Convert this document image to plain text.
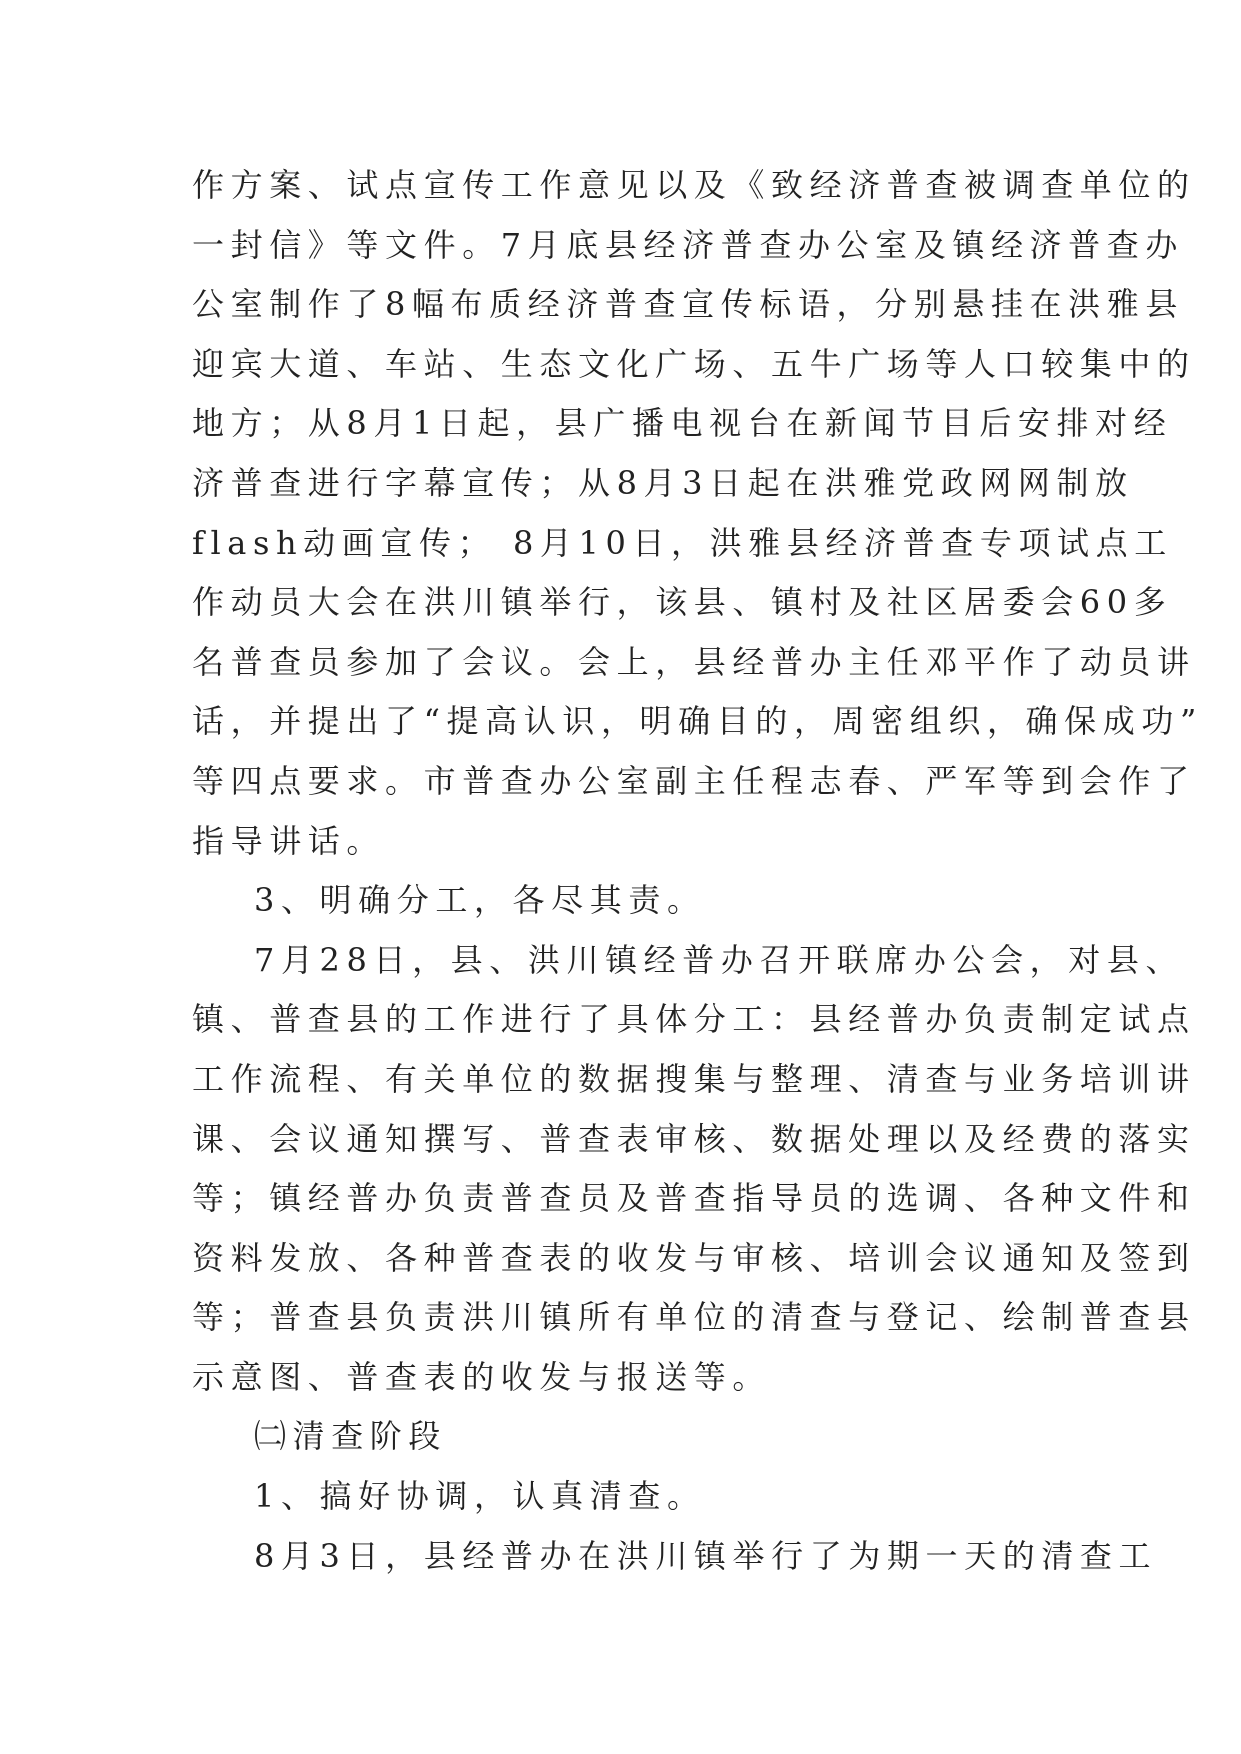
作方案、试点宣传工作意见以及《致经济普查被调查单位的
一封信》等文件。7月底县经济普查办公室及镇经济普查办
公室制作了8幅布质经济普查宣传标语，分别悬挂在洪雅县
迎宾大道、车站、生态文化广场、五牛广场等人口较集中的
地方；从8月1日起，县广播电视台在新闻节目后安排对经
济普查进行字幕宣传；从8月3日起在洪雅党政网网制放
flash动画宣传； 8月10日，洪雅县经济普查专项试点工
作动员大会在洪川镇举行，该县、镇村及社区居委会60多
名普查员参加了会议。会上，县经普办主任邓平作了动员讲
话，并提出了“提高认识，明确目的，周密组织，确保成功”
等四点要求。市普查办公室副主任程志春、严军等到会作了
指导讲话。
3、明确分工，各尽其责。
7月28日，县、洪川镇经普办召开联席办公会，对县、
镇、普查县的工作进行了具体分工：县经普办负责制定试点
工作流程、有关单位的数据搜集与整理、清查与业务培训讲
课、会议通知撰写、普查表审核、数据处理以及经费的落实
等；镇经普办负责普查员及普查指导员的选调、各种文件和
资料发放、各种普查表的收发与审核、培训会议通知及签到
等；普查县负责洪川镇所有单位的清查与登记、绘制普查县
示意图、普查表的收发与报送等。
㈡清查阶段
1、搞好协调，认真清查。
8月3日，县经普办在洪川镇举行了为期一天的清查工
